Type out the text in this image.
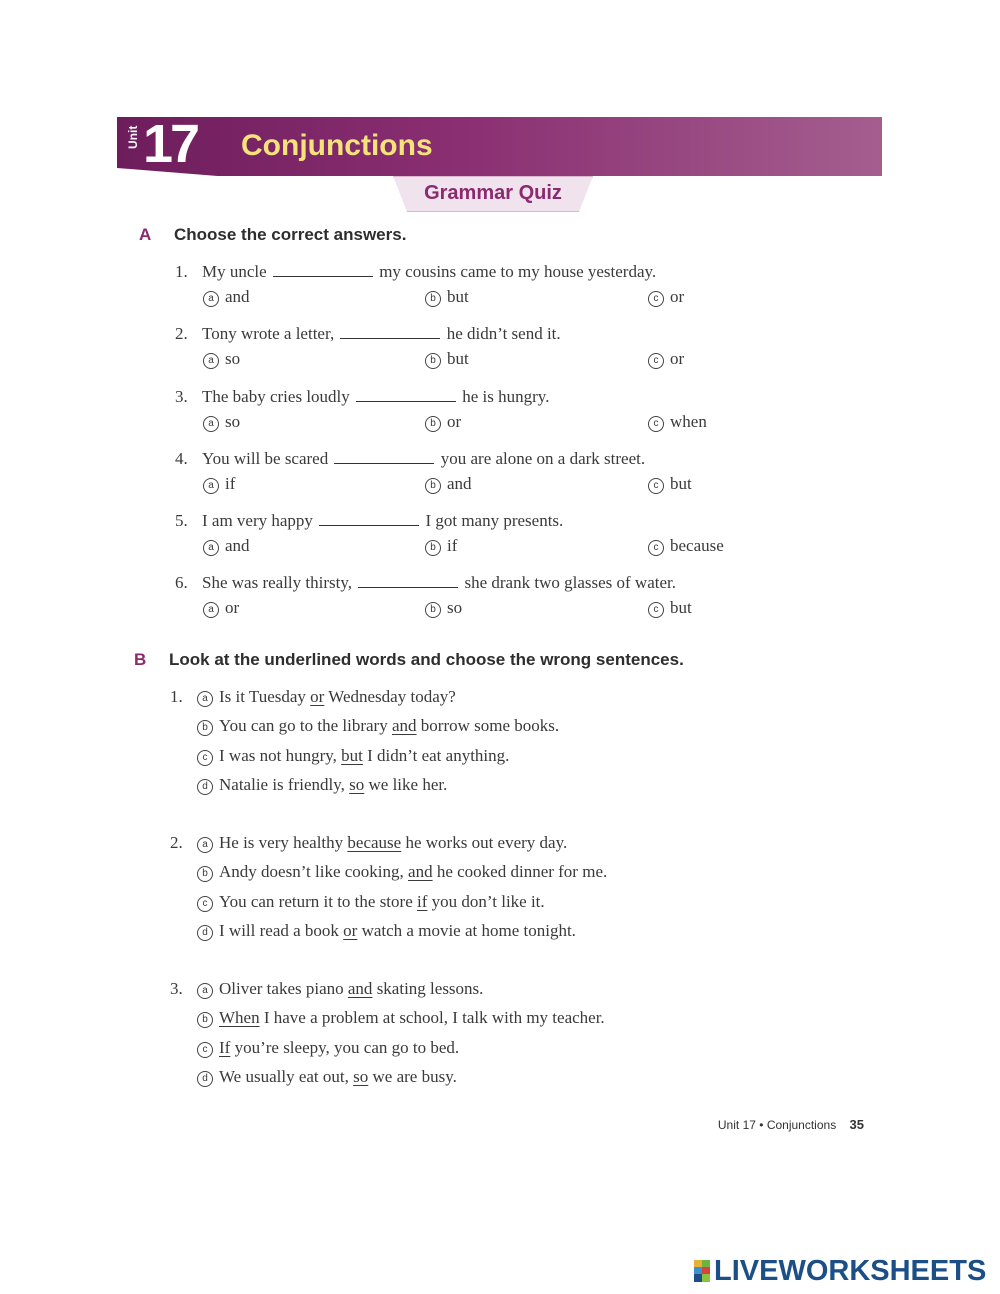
Unit 17 Conjunctions
Grammar Quiz
A Choose the correct answers.
1. My uncle	my cousins came to my house yesterday.
a and	b but	c or
2. Tony wrote a letter,	he didn’t send it.
a so	b but	c or
3. The baby cries loudly	he is hungry.
a so	b or	c when
4. You will be scared	you are alone on a dark street.
a if	b and	c but
5. I am very happy	I got many presents.
a and	b if	c because
6. She was really thirsty,	she drank two glasses of water.
a or	b so	c but
B Look at the underlined words and choose the wrong sentences.
1.	a Is it Tuesday or Wednesday today?
b You can go to the library and borrow some books.
c I was not hungry, but I didn’t eat anything.
d Natalie is friendly, so we like her.
2.	a He is very healthy because he works out every day.
b Andy doesn’t like cooking, and he cooked dinner for me.
c You can return it to the store if you don’t like it.
d I will read a book or watch a movie at home tonight.
3.	a Oliver takes piano and skating lessons.
b When I have a problem at school, I talk with my teacher.
c If you’re sleepy, you can go to bed.
d We usually eat out, so we are busy.
Unit 17 • Conjunctions 35
LIVEWORKSHEETS
